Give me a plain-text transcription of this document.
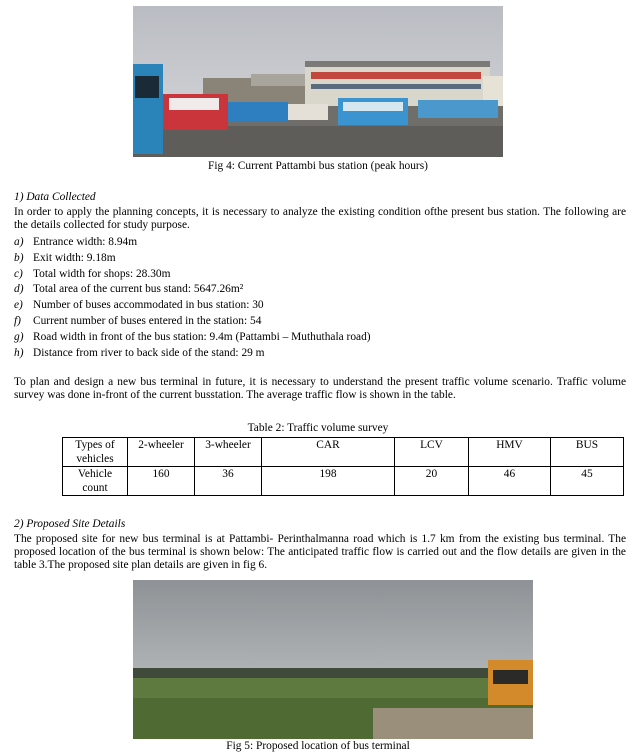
Fig 4: Current Pattambi bus station (peak hours)
1) Data Collected
In order to apply the planning concepts, it is necessary to analyze the existing condition ofthe present bus station. The following are the details collected for study purpose.
a) Entrance width: 8.94m
b) Exit width: 9.18m
c) Total width for shops: 28.30m
d) Total area of the current bus stand: 5647.26m²
e) Number of buses accommodated in bus station: 30
f) Current number of buses entered in the station: 54
g) Road width in front of the bus station: 9.4m (Pattambi – Muthuthala road)
h) Distance from river to back side of the stand: 29 m
To plan and design a new bus terminal in future, it is necessary to understand the present traffic volume scenario. Traffic volume survey was done in-front of the current busstation. The average traffic flow is shown in the table.
Table 2: Traffic volume survey
Types of vehicles	2-wheeler	3-wheeler	CAR	LCV	HMV	BUS
Vehicle count	160	36	198	20	46	45
2) Proposed Site Details
The proposed site for new bus terminal is at Pattambi- Perinthalmanna road which is 1.7 km from the existing bus terminal. The proposed location of the bus terminal is shown below: The anticipated traffic flow is carried out and the flow details are given in the table 3.The proposed site plan details are given in fig 6.
Fig 5: Proposed location of bus terminal
